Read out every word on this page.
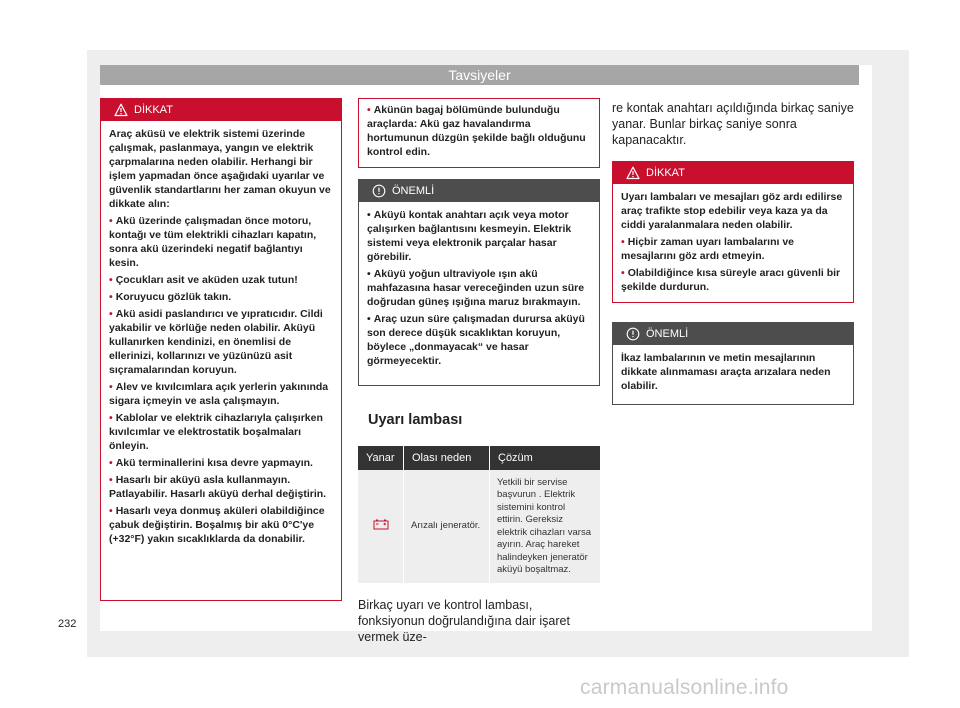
Tavsiyeler
DİKKAT

Araç aküsü ve elektrik sistemi üzerinde çalışmak, paslanmaya, yangın ve elektrik çarpmalarına neden olabilir. Herhangi bir işlem yapmadan önce aşağıdaki uyarılar ve güvenlik standartlarını her zaman okuyun ve dikkate alın:

• Akü üzerinde çalışmadan önce motoru, kontağı ve tüm elektrikli cihazları kapatın, sonra akü üzerindeki negatif bağlantıyı kesin.

• Çocukları asit ve aküden uzak tutun!

• Koruyucu gözlük takın.

• Akü asidi paslandırıcı ve yıpratıcıdır. Cildi yakabilir ve körlüğe neden olabilir. Aküyü kullanırken kendinizi, en önemlisi de ellerinizi, kollarınızı ve yüzünüzü asit sıçramalarından koruyun.

• Alev ve kıvılcımlara açık yerlerin yakınında sigara içmeyin ve asla çalışmayın.

• Kablolar ve elektrik cihazlarıyla çalışırken kıvılcımlar ve elektrostatik boşalmaları önleyin.

• Akü terminallerini kısa devre yapmayın.

• Hasarlı bir aküyü asla kullanmayın. Patlayabilir. Hasarlı aküyü derhal değiştirin.

• Hasarlı veya donmuş aküleri olabildiğince çabuk değiştirin. Boşalmış bir akü 0°C'ye (+32°F) yakın sıcaklıklarda da donabilir.

• Akünün bagaj bölümünde bulunduğu araçlarda: Akü gaz havalandırma hortumunun düzgün şekilde bağlı olduğunu kontrol edin.

ÖNEMLİ

• Aküyü kontak anahtarı açık veya motor çalışırken bağlantısını kesmeyin. Elektrik sistemi veya elektronik parçalar hasar görebilir.

• Aküyü yoğun ultraviyole ışın akü mahfazasına hasar vereceğinden uzun süre doğrudan güneş ışığına maruz bırakmayın.

• Araç uzun süre çalışmadan durursa aküyü son derece düşük sıcaklıktan koruyun, böylece „donmayacak“ ve hasar görmeyecektir.

Uyarı lambası
Yanar	Olası neden	Çözüm
	Arızalı jeneratör.	Yetkili bir servise başvurun . Elektrik sistemini kontrol ettirin. Gereksiz elektrik cihazları varsa ayırın. Araç hareket halindeyken jeneratör aküyü boşaltmaz.

Birkaç uyarı ve kontrol lambası, fonksiyonun doğrulandığına dair işaret vermek üze-

re kontak anahtarı açıldığında birkaç saniye yanar. Bunlar birkaç saniye sonra kapanacaktır.

DİKKAT

Uyarı lambaları ve mesajları göz ardı edilirse araç trafikte stop edebilir veya kaza ya da ciddi yaralanmalara neden olabilir.

• Hiçbir zaman uyarı lambalarını ve mesajlarını göz ardı etmeyin.

• Olabildiğince kısa süreyle aracı güvenli bir şekilde durdurun.

ÖNEMLİ

İkaz lambalarının ve metin mesajlarının dikkate alınmaması araçta arızalara neden olabilir.

232
carmanualsonline.info
